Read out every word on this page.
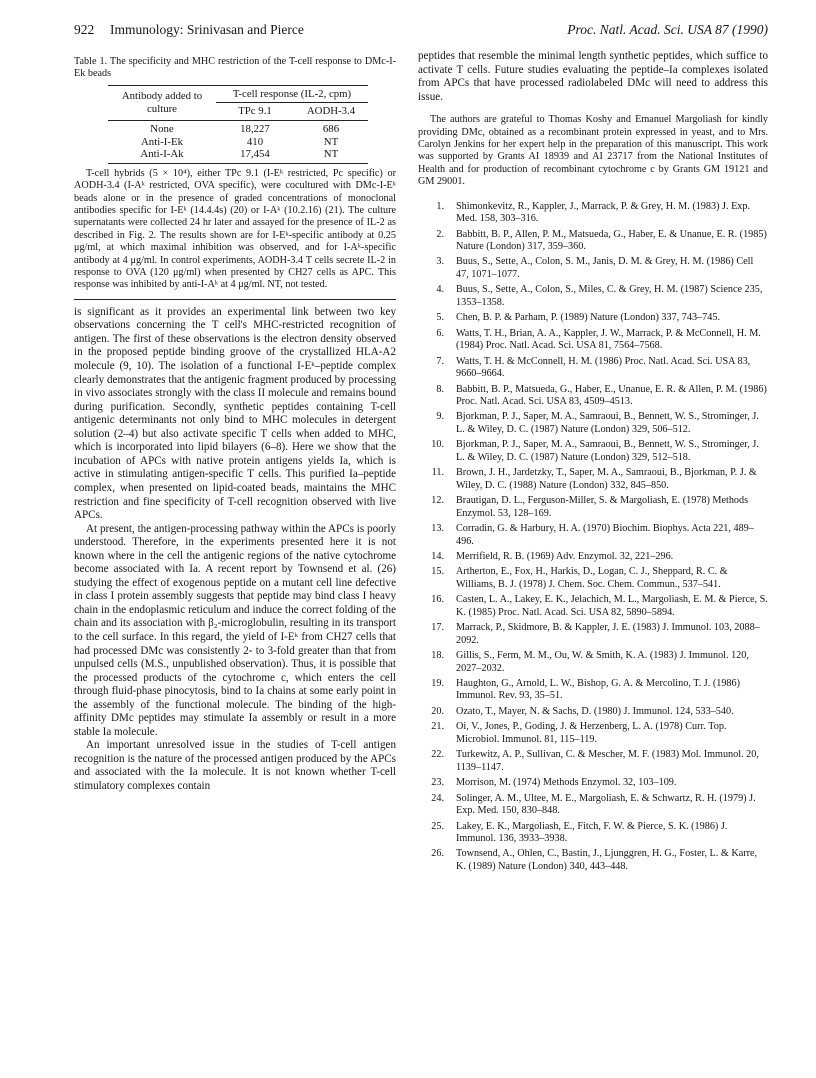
922 Immunology: Srinivasan and Pierce	Proc. Natl. Acad. Sci. USA 87 (1990)
Table 1. The specificity and MHC restriction of the T-cell response to DMc-I-Ek beads
Antibody added to culture	T-cell response (IL-2, cpm)	
	TPc 9.1	AODH-3.4
None	18,227	686
Anti-I-Ek	410	NT
Anti-I-Ak	17,454	NT

T-cell hybrids (5 × 10⁴), either TPc 9.1 (I-Eᵏ restricted, Pc specific) or AODH-3.4 (I-Aᵏ restricted, OVA specific), were cocultured with DMc-I-Eᵏ beads alone or in the presence of graded concentrations of monoclonal antibodies specific for I-Eᵏ (14.4.4s) (20) or I-Aᵏ (10.2.16) (21). The culture supernatants were collected 24 hr later and assayed for the presence of IL-2 as described in Fig. 2. The results shown are for I-Eᵏ-specific antibody at 0.25 μg/ml, at which maximal inhibition was observed, and for I-Aᵏ-specific antibody at 4 μg/ml. In control experiments, AODH-3.4 T cells secrete IL-2 in response to OVA (120 μg/ml) when presented by CH27 cells as APC. This response was inhibited by anti-I-Aᵏ at 4 μg/ml. NT, not tested.

is significant as it provides an experimental link between two key observations concerning the T cell's MHC-restricted recognition of antigen. The first of these observations is the electron density observed in the proposed peptide binding groove of the crystallized HLA-A2 molecule (9, 10). The isolation of a functional I-Eᵏ–peptide complex clearly demonstrates that the antigenic fragment produced by processing in vivo associates strongly with the class II molecule and remains bound during purification. Secondly, synthetic peptides containing T-cell antigenic determinants not only bind to MHC molecules in detergent solution (2–4) but also activate specific T cells when added to MHC, which is incorporated into lipid bilayers (6–8). Here we show that the incubation of APCs with native protein antigens yields Ia, which is active in stimulating antigen-specific T cells. This purified Ia–peptide complex, when presented on lipid-coated beads, maintains the MHC restriction and fine specificity of T-cell recognition observed with live APCs.

At present, the antigen-processing pathway within the APCs is poorly understood. Therefore, in the experiments presented here it is not known where in the cell the antigenic regions of the native cytochrome become associated with Ia. A recent report by Townsend et al. (26) studying the effect of exogenous peptide on a mutant cell line defective in class I protein assembly suggests that peptide may bind class I heavy chain in the endoplasmic reticulum and induce the correct folding of the chain and its association with β₂-microglobulin, resulting in its transport to the cell surface. In this regard, the yield of I-Eᵏ from CH27 cells that had processed DMc was consistently 2- to 3-fold greater than that from unpulsed cells (M.S., unpublished observation). Thus, it is possible that the processed products of the cytochrome c, which enters the cell through fluid-phase pinocytosis, bind to Ia chains at some early point in the assembly of the functional molecule. The binding of the high-affinity DMc peptides may stimulate Ia assembly or result in a more stable Ia molecule.

An important unresolved issue in the studies of T-cell antigen recognition is the nature of the processed antigen produced by the APCs and associated with the Ia molecule. It is not known whether T-cell stimulatory complexes contain

peptides that resemble the minimal length synthetic peptides, which suffice to activate T cells. Future studies evaluating the peptide–Ia complexes isolated from APCs that have processed radiolabeled DMc will need to address this issue.

The authors are grateful to Thomas Koshy and Emanuel Margoliash for kindly providing DMc, obtained as a recombinant protein expressed in yeast, and to Mrs. Carolyn Jenkins for her expert help in the preparation of this manuscript. This work was supported by Grants AI 18939 and AI 23717 from the National Institutes of Health and for production of recombinant cytochrome c by Grants GM 19121 and GM 29001.

1. Shimonkevitz, R., Kappler, J., Marrack, P. & Grey, H. M. (1983) J. Exp. Med. 158, 303–316.
2. Babbitt, B. P., Allen, P. M., Matsueda, G., Haber, E. & Unanue, E. R. (1985) Nature (London) 317, 359–360.
3. Buus, S., Sette, A., Colon, S. M., Janis, D. M. & Grey, H. M. (1986) Cell 47, 1071–1077.
4. Buus, S., Sette, A., Colon, S., Miles, C. & Grey, H. M. (1987) Science 235, 1353–1358.
5. Chen, B. P. & Parham, P. (1989) Nature (London) 337, 743–745.
6. Watts, T. H., Brian, A. A., Kappler, J. W., Marrack, P. & McConnell, H. M. (1984) Proc. Natl. Acad. Sci. USA 81, 7564–7568.
7. Watts, T. H. & McConnell, H. M. (1986) Proc. Natl. Acad. Sci. USA 83, 9660–9664.
8. Babbitt, B. P., Matsueda, G., Haber, E., Unanue, E. R. & Allen, P. M. (1986) Proc. Natl. Acad. Sci. USA 83, 4509–4513.
9. Bjorkman, P. J., Saper, M. A., Samraoui, B., Bennett, W. S., Strominger, J. L. & Wiley, D. C. (1987) Nature (London) 329, 506–512.
10. Bjorkman, P. J., Saper, M. A., Samraoui, B., Bennett, W. S., Strominger, J. L. & Wiley, D. C. (1987) Nature (London) 329, 512–518.
11. Brown, J. H., Jardetzky, T., Saper, M. A., Samraoui, B., Bjorkman, P. J. & Wiley, D. C. (1988) Nature (London) 332, 845–850.
12. Brautigan, D. L., Ferguson-Miller, S. & Margoliash, E. (1978) Methods Enzymol. 53, 128–169.
13. Corradin, G. & Harbury, H. A. (1970) Biochim. Biophys. Acta 221, 489–496.
14. Merrifield, R. B. (1969) Adv. Enzymol. 32, 221–296.
15. Artherton, E., Fox, H., Harkis, D., Logan, C. J., Sheppard, R. C. & Williams, B. J. (1978) J. Chem. Soc. Chem. Commun., 537–541.
16. Casten, L. A., Lakey, E. K., Jelachich, M. L., Margoliash, E. M. & Pierce, S. K. (1985) Proc. Natl. Acad. Sci. USA 82, 5890–5894.
17. Marrack, P., Skidmore, B. & Kappler, J. E. (1983) J. Immunol. 103, 2088–2092.
18. Gillis, S., Ferm, M. M., Ou, W. & Smith, K. A. (1983) J. Immunol. 120, 2027–2032.
19. Haughton, G., Arnold, L. W., Bishop, G. A. & Mercolino, T. J. (1986) Immunol. Rev. 93, 35–51.
20. Ozato, T., Mayer, N. & Sachs, D. (1980) J. Immunol. 124, 533–540.
21. Oi, V., Jones, P., Goding, J. & Herzenberg, L. A. (1978) Curr. Top. Microbiol. Immunol. 81, 115–119.
22. Turkewitz, A. P., Sullivan, C. & Mescher, M. F. (1983) Mol. Immunol. 20, 1139–1147.
23. Morrison, M. (1974) Methods Enzymol. 32, 103–109.
24. Solinger, A. M., Ultee, M. E., Margoliash, E. & Schwartz, R. H. (1979) J. Exp. Med. 150, 830–848.
25. Lakey, E. K., Margoliash, E., Fitch, F. W. & Pierce, S. K. (1986) J. Immunol. 136, 3933–3938.
26. Townsend, A., Ohlen, C., Bastin, J., Ljunggren, H. G., Foster, L. & Karre, K. (1989) Nature (London) 340, 443–448.
